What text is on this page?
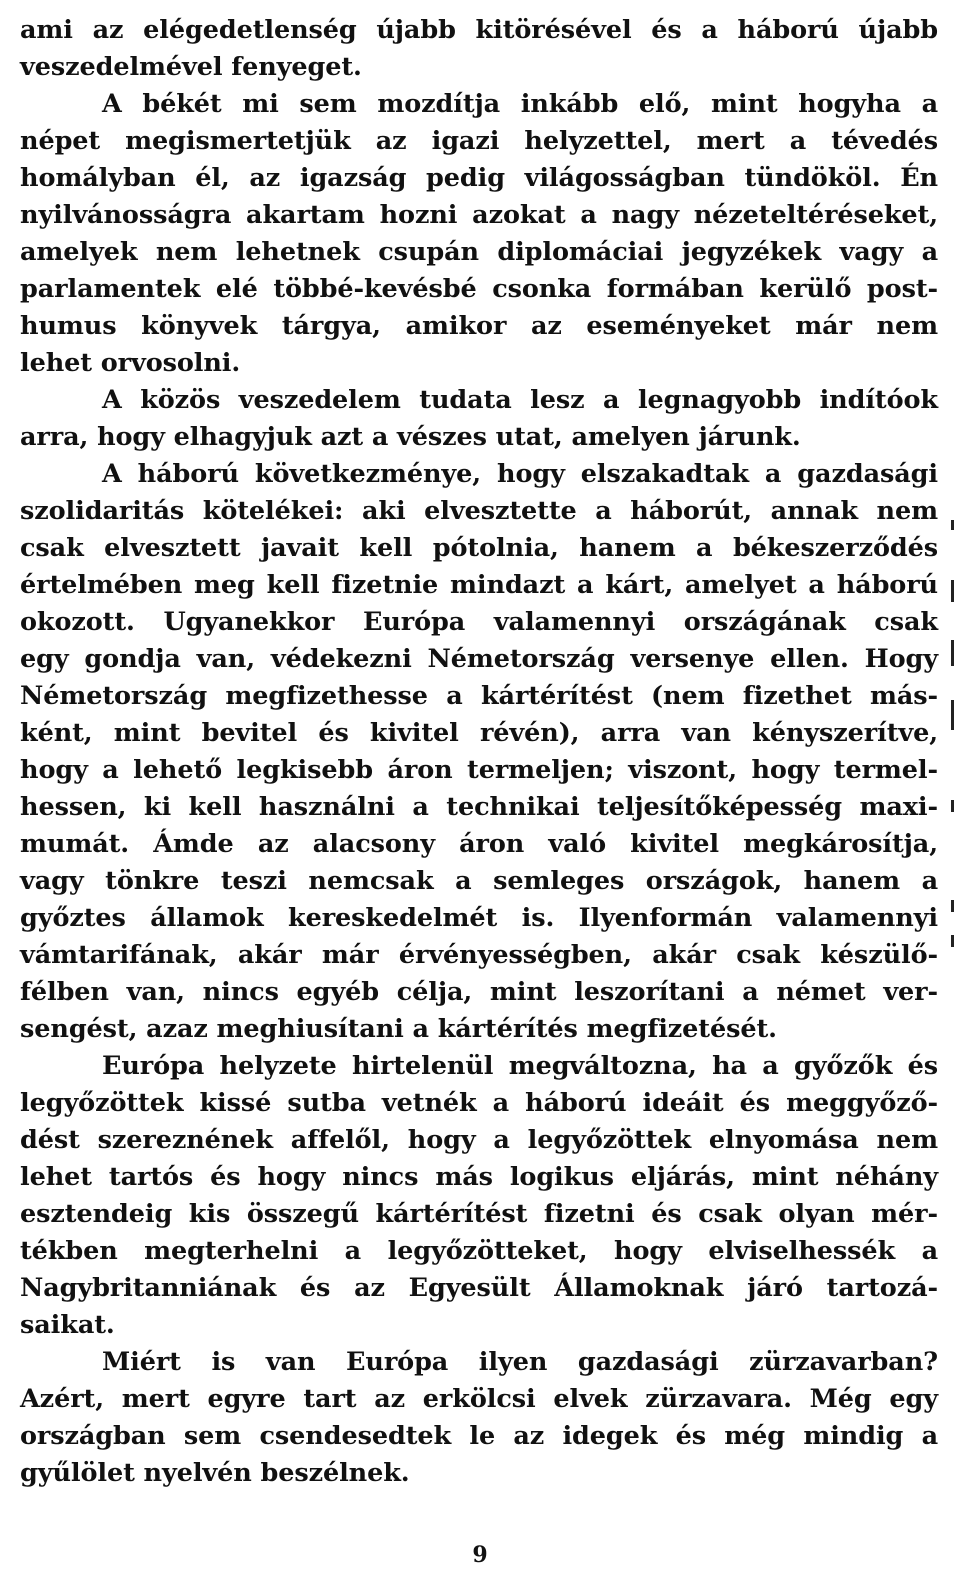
ami az elégedetlenség újabb kitörésével és a háború újabb
veszedelmével fenyeget.
A békét mi sem mozdítja inkább elő, mint hogyha a
népet megismertetjük az igazi helyzettel, mert a tévedés
homályban él, az igazság pedig világosságban tündököl. Én
nyilvánosságra akartam hozni azokat a nagy nézeteltéréseket,
amelyek nem lehetnek csupán diplomáciai jegyzékek vagy a
parlamentek elé többé-kevésbé csonka formában kerülő post-
humus könyvek tárgya, amikor az eseményeket már nem
lehet orvosolni.
A közös veszedelem tudata lesz a legnagyobb indítóok
arra, hogy elhagyjuk azt a vészes utat, amelyen járunk.
A háború következménye, hogy elszakadtak a gazdasági
szolidaritás kötelékei: aki elvesztette a háborút, annak nem
csak elvesztett javait kell pótolnia, hanem a békeszerződés
értelmében meg kell fizetnie mindazt a kárt, amelyet a háború
okozott. Ugyanekkor Európa valamennyi országának csak
egy gondja van, védekezni Németország versenye ellen. Hogy
Németország megfizethesse a kártérítést (nem fizethet más-
ként, mint bevitel és kivitel révén), arra van kényszerítve,
hogy a lehető legkisebb áron termeljen; viszont, hogy termel-
hessen, ki kell használni a technikai teljesítőképesség maxi-
mumát. Ámde az alacsony áron való kivitel megkárosítja,
vagy tönkre teszi nemcsak a semleges országok, hanem a
győztes államok kereskedelmét is. Ilyenformán valamennyi
vámtarifának, akár már érvényességben, akár csak készülő-
félben van, nincs egyéb célja, mint leszorítani a német ver-
sengést, azaz meghiusítani a kártérítés megfizetését.
Európa helyzete hirtelenül megváltozna, ha a győzők és
legyőzöttek kissé sutba vetnék a háború ideáit és meggyőző-
dést szereznének affelől, hogy a legyőzöttek elnyomása nem
lehet tartós és hogy nincs más logikus eljárás, mint néhány
esztendeig kis összegű kártérítést fizetni és csak olyan mér-
tékben megterhelni a legyőzötteket, hogy elviselhessék a
Nagybritanniának és az Egyesült Államoknak járó tartozá-
saikat.
Miért is van Európa ilyen gazdasági zürzavarban?
Azért, mert egyre tart az erkölcsi elvek zürzavara. Még egy
országban sem csendesedtek le az idegek és még mindig a
gyűlölet nyelvén beszélnek.
9
